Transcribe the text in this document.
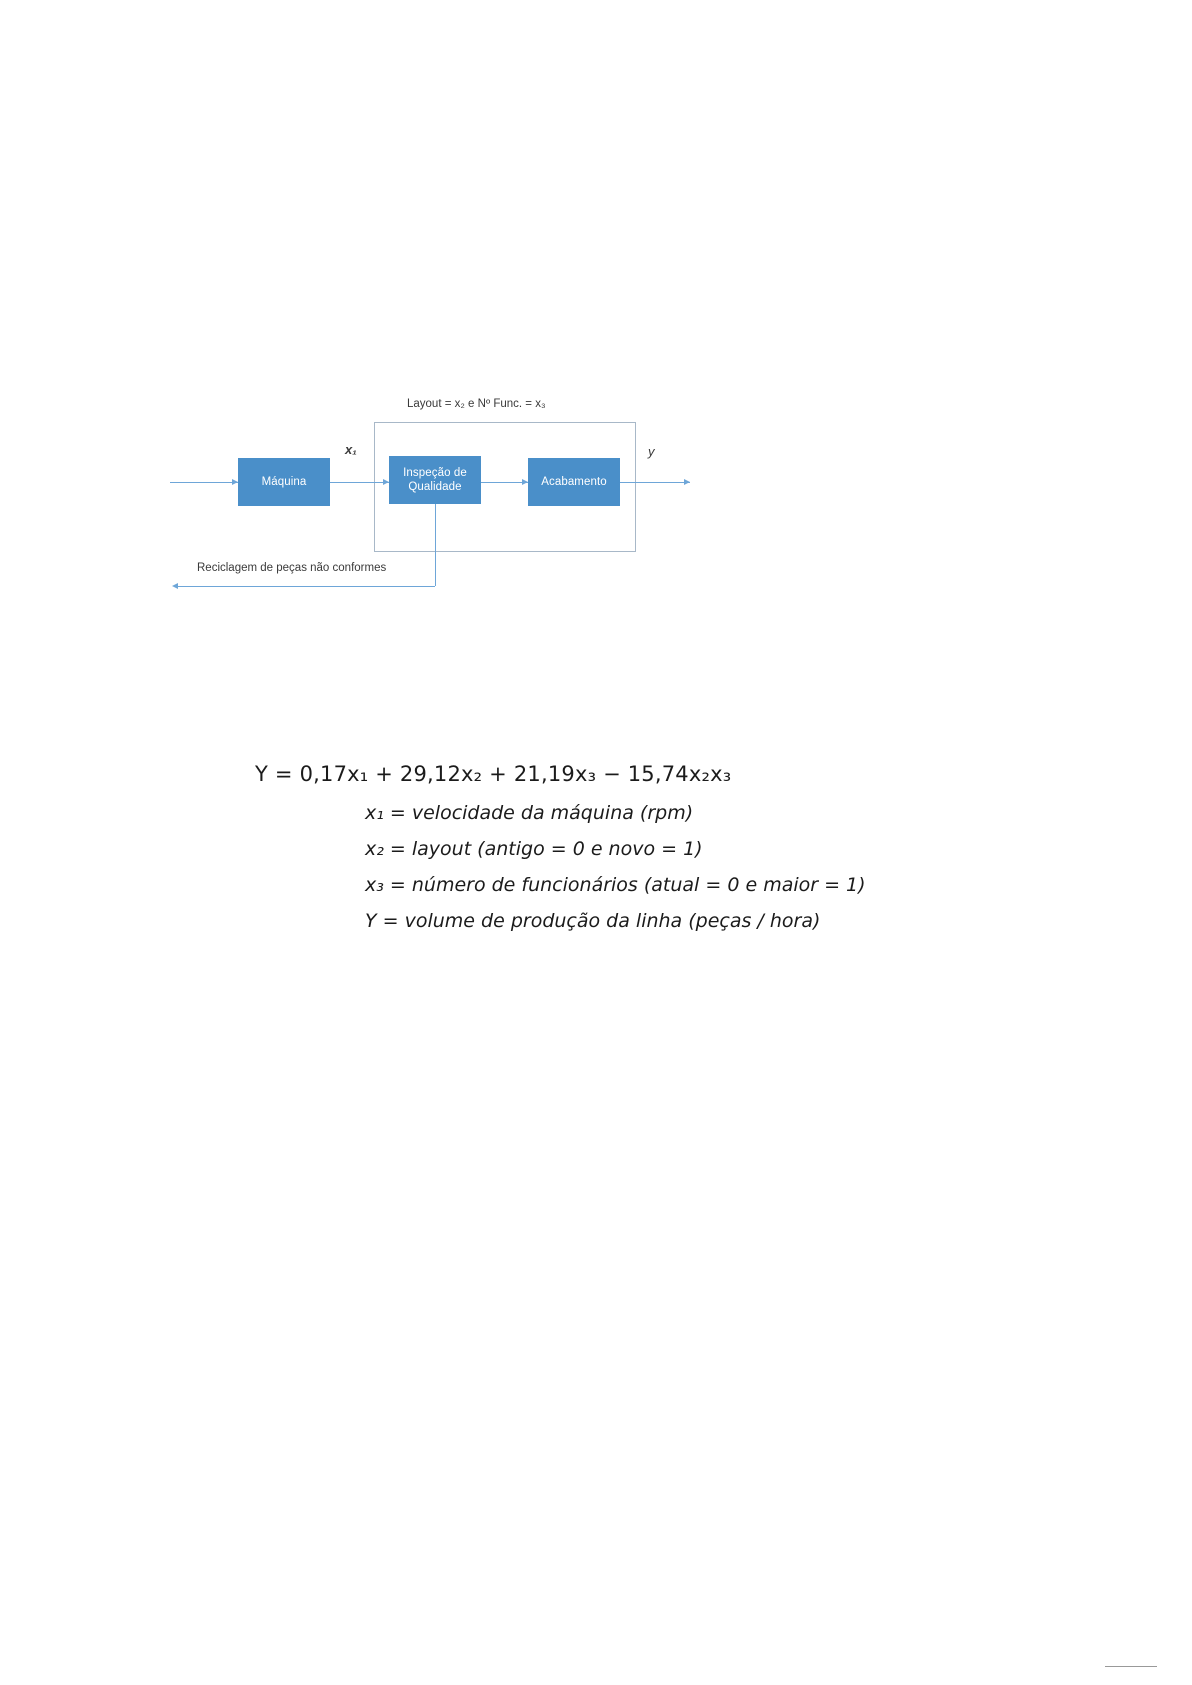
Layout = x₂ e Nº Func. = x₃
Máquina
Inspeção de Qualidade	Acabamento
x₁	y
Reciclagem de peças não conformes
Y = 0,17x₁ + 29,12x₂ + 21,19x₃ − 15,74x₂x₃
x₁ = velocidade da máquina (rpm)
x₂ = layout (antigo = 0 e novo = 1)
x₃ = número de funcionários (atual = 0 e maior = 1)
Y = volume de produção da linha (peças / hora)
